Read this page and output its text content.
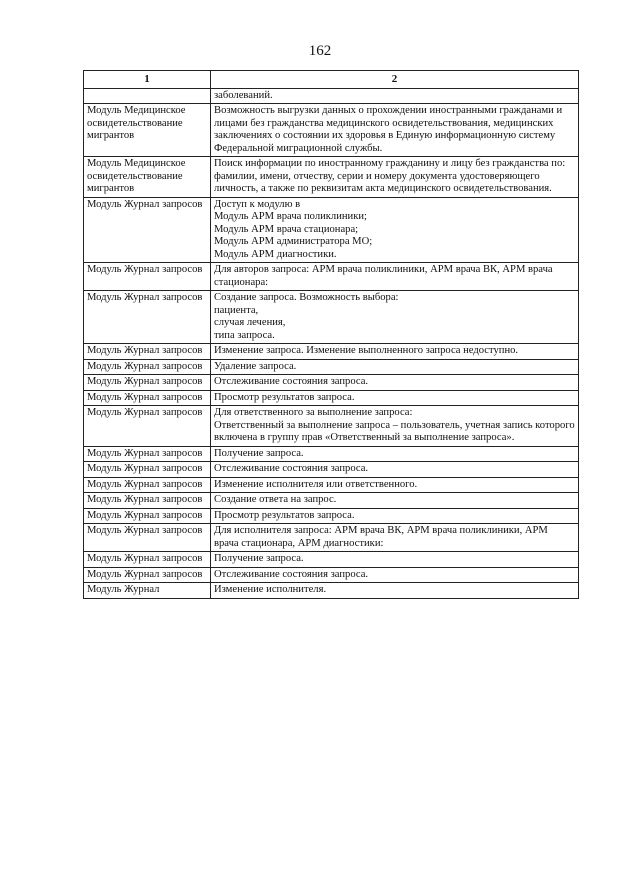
162
1	2

	заболеваний.

Модуль Медицинское освидетельствование мигрантов	Возможность выгрузки данных о прохождении иностранными гражданами и лицами без гражданства медицинского освидетельствования, медицинских заключениях о состоянии их здоровья в Единую информационную систему Федеральной миграционной службы.

Модуль Медицинское освидетельствование мигрантов	Поиск информации по иностранному гражданину и лицу без гражданства по: фамилии, имени, отчеству, серии и номеру документа удостоверяющего личность, а также по реквизитам акта медицинского освидетельствования.

Модуль Журнал запросов	Доступ к модулю в
Модуль АРМ врача поликлиники;
Модуль АРМ врача стационара;
Модуль АРМ администратора МО;
Модуль АРМ диагностики.

Модуль Журнал запросов	Для авторов запроса: АРМ врача поликлиники, АРМ врача ВК, АРМ врача стационара:

Модуль Журнал запросов	Создание запроса. Возможность выбора:
пациента,
случая лечения,
типа запроса.

Модуль Журнал запросов	Изменение запроса. Изменение выполненного запроса недоступно.

Модуль Журнал запросов	Удаление запроса.

Модуль Журнал запросов	Отслеживание состояния запроса.

Модуль Журнал запросов	Просмотр результатов запроса.

Модуль Журнал запросов	Для ответственного за выполнение запроса:
Ответственный за выполнение запроса – пользователь, учетная запись которого включена в группу прав «Ответственный за выполнение запроса».

Модуль Журнал запросов	Получение запроса.

Модуль Журнал запросов	Отслеживание состояния запроса.

Модуль Журнал запросов	Изменение исполнителя или ответственного.

Модуль Журнал запросов	Создание ответа на запрос.

Модуль Журнал запросов	Просмотр результатов запроса.

Модуль Журнал запросов	Для исполнителя запроса: АРМ врача ВК, АРМ врача поликлиники, АРМ врача стационара, АРМ диагностики:

Модуль Журнал запросов	Получение запроса.

Модуль Журнал запросов	Отслеживание состояния запроса.

Модуль Журнал	Изменение исполнителя.
